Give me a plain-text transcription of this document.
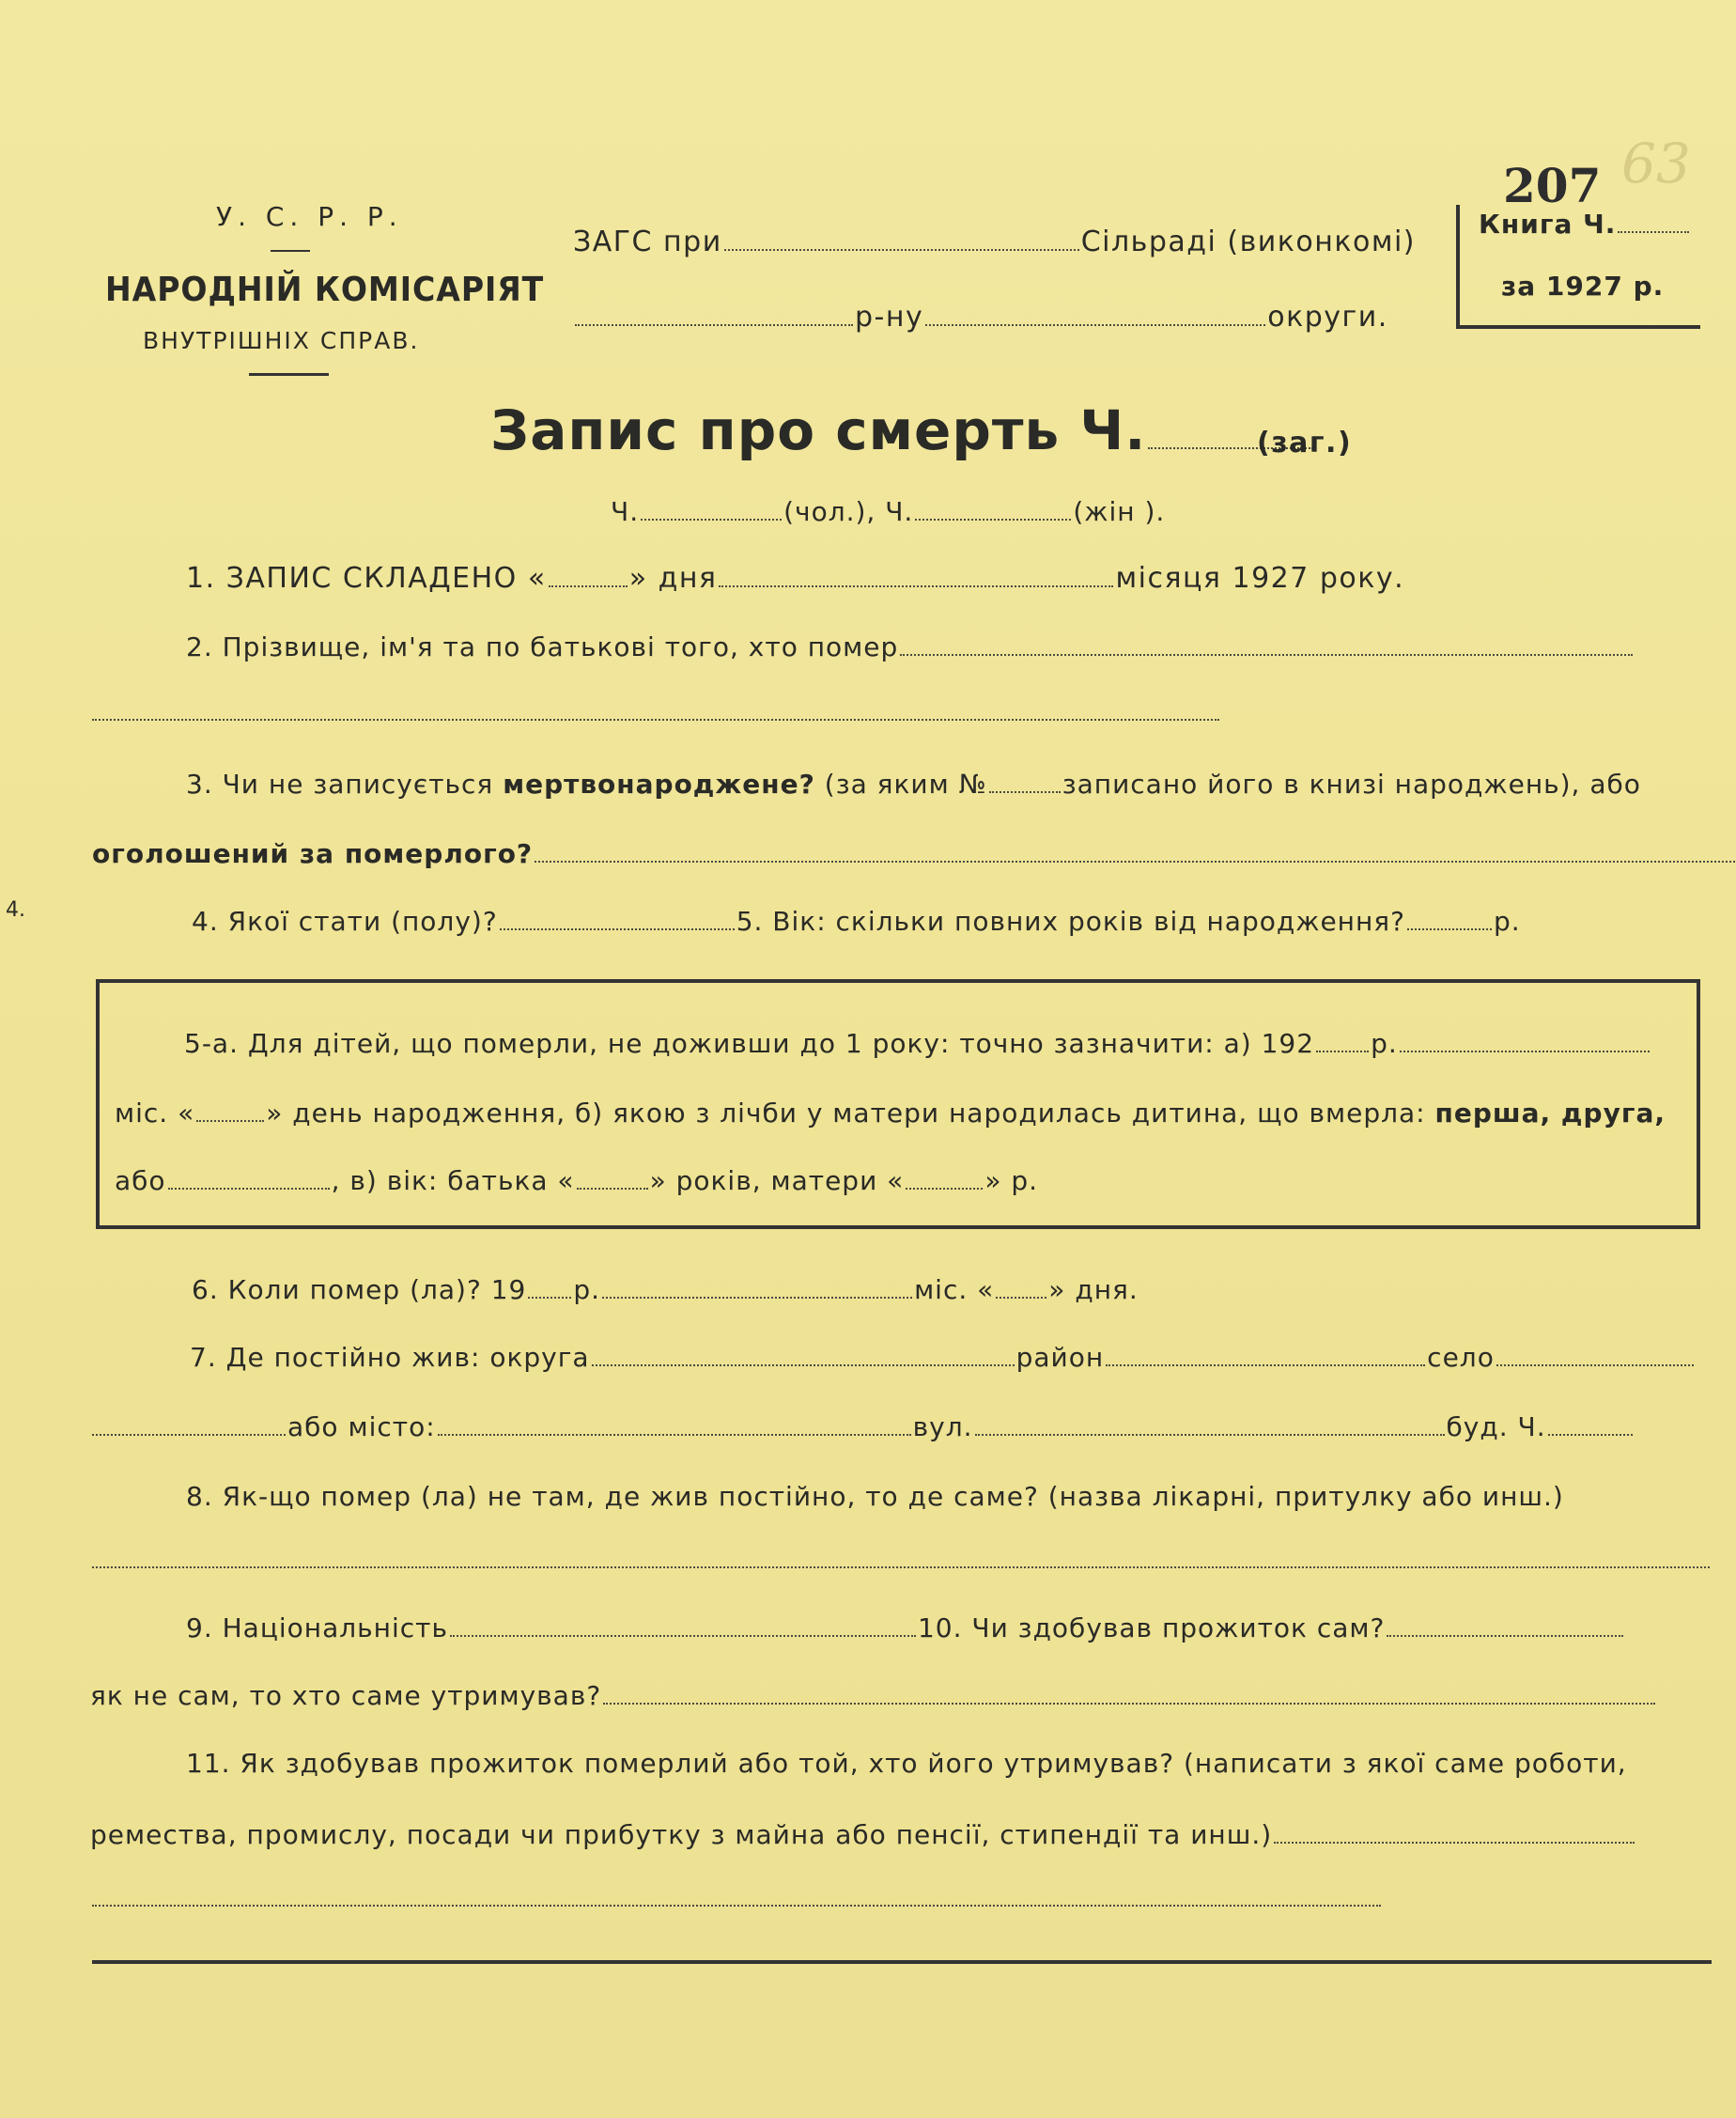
У. С. Р. Р.
НАРОДНІЙ КОМІСАРІЯТ
ВНУТРІШНІХ СПРАВ.
ЗАГС при	Сільраді (виконкомі)
р-ну	округи.
207 63
Книга Ч.
за 1927 р.
Запис про смерть Ч.	(заг.)
Ч.	(чол.), Ч.	(жін ).
1. ЗАПИС СКЛАДЕНО «	» дня	місяця 1927 року.
2. Прізвище, ім'я та по батькові того, хто помер
3. Чи не записується мертвонароджене? (за яким №	записано його в книзі народжень), або
оголошений за померлого?
4.	4. Якої стати (полу)?	5. Вік: скільки повних років від народження?	р.
5-а. Для дітей, що померли, не доживши до 1 року: точно зазначити: а) 192 р.
міс. «	» день народження, б) якою з лічби у матери народилась дитина, що вмерла: перша, друга,
або	, в) вік: батька «	» років, матери «	» р.
6. Коли помер (ла)? 19 р.	міс. « » дня.
7. Де постійно жив: округа	район	село
або місто:	вул.	буд. Ч.
8. Як-що помер (ла) не там, де жив постійно, то де саме? (назва лікарні, притулку або инш.)
9. Національність	10. Чи здобував прожиток сам?
як не сам, то хто саме утримував?
11. Як здобував прожиток померлий або той, хто його утримував? (написати з якої саме роботи,
ремества, промислу, посади чи прибутку з майна або пенсії, стипендії та инш.)
